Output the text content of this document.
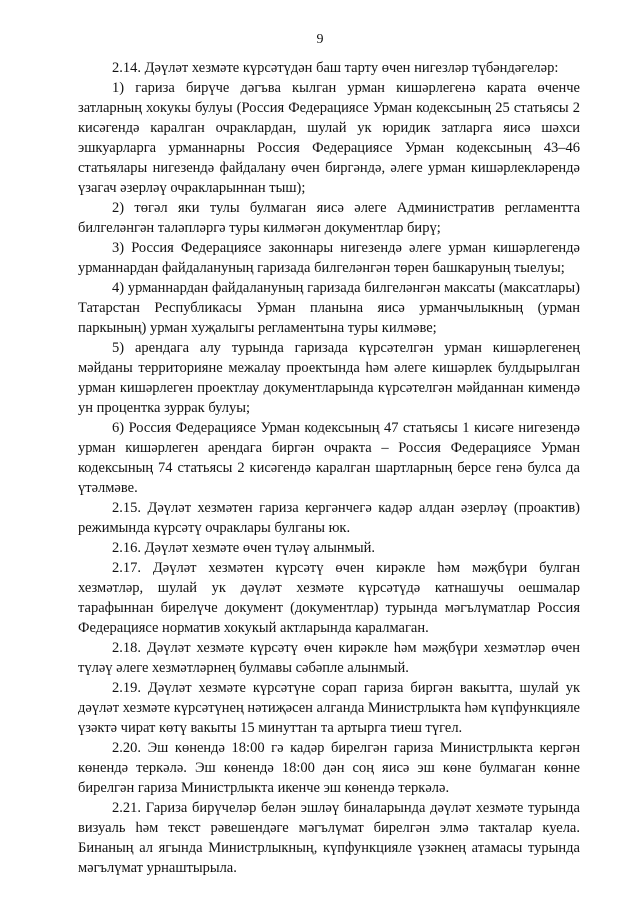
9

2.14. Дәүләт хезмәте күрсәтүдән баш тарту өчен нигезләр түбәндәгеләр:

1) гариза бирүче дәгъва кылган урман кишәрлегенә карата өченче затларның хокукы булуы (Россия Федерациясе Урман кодексының 25 статьясы 2 кисәгендә каралган очраклардан, шулай ук юридик затларга яисә шәхси эшкуарларга урманнарны Россия Федерациясе Урман кодексының 43–46 статьялары нигезендә файдалану өчен биргәндә, әлеге урман кишәрлекләрендә үзагач әзерләү очракларыннан тыш);

2) төгәл яки тулы булмаган яисә әлеге Административ регламентта билгеләнгән таләпләргә туры килмәгән документлар бирү;

3) Россия Федерациясе законнары нигезендә әлеге урман кишәрлегендә урманнардан файдалануның гаризада билгеләнгән төрен башкаруның тыелуы;

4) урманнардан файдалануның гаризада билгеләнгән максаты (максатлары) Татарстан Республикасы Урман планына яисә урманчылыкның (урман паркының) урман хуҗалыгы регламентына туры килмәве;

5) арендага алу турында гаризада күрсәтелгән урман кишәрлегенең мәйданы территорияне межалау проектында һәм әлеге кишәрлек булдырылган урман кишәрлеген проектлау документларында күрсәтелгән мәйданнан кимендә ун процентка зуррак булуы;

6) Россия Федерациясе Урман кодексының 47 статьясы 1 кисәге нигезендә урман кишәрлеген арендага биргән очракта – Россия Федерациясе Урман кодексының 74 статьясы 2 кисәгендә каралган шартларның берсе генә булса да үтәлмәве.

2.15. Дәүләт хезмәтен гариза кергәнчегә кадәр алдан әзерләү (проактив) режимында күрсәтү очраклары булганы юк.

2.16. Дәүләт хезмәте өчен түләү алынмый.

2.17. Дәүләт хезмәтен күрсәтү өчен кирәкле һәм мәҗбүри булган хезмәтләр, шулай ук дәүләт хезмәте күрсәтүдә катнашучы оешмалар тарафыннан бирелүче документ (документлар) турында мәгълүматлар Россия Федерациясе норматив хокукый актларында каралмаган.

2.18. Дәүләт хезмәте күрсәтү өчен кирәкле һәм мәҗбүри хезмәтләр өчен түләү әлеге хезмәтләрнең булмавы сәбәпле алынмый.

2.19. Дәүләт хезмәте күрсәтүне сорап гариза биргән вакытта, шулай ук дәүләт хезмәте күрсәтүнең нәтиҗәсен алганда Министрлыкта һәм күпфункцияле үзәктә чират көтү вакыты 15 минуттан та артырга тиеш түгел.

2.20. Эш көнендә 18:00 гә кадәр бирелгән гариза Министрлыкта кергән көнендә теркәлә. Эш көнендә 18:00 дән соң яисә эш көне булмаган көнне бирелгән гариза Министрлыкта икенче эш көнендә теркәлә.

2.21. Гариза бирүчеләр белән эшләү биналарында дәүләт хезмәте турында визуаль һәм текст рәвешендәге мәгълүмат бирелгән элмә такталар куела. Бинаның ал ягында Министрлыкның, күпфункцияле үзәкнең атамасы турында мәгълүмат урнаштырыла.
